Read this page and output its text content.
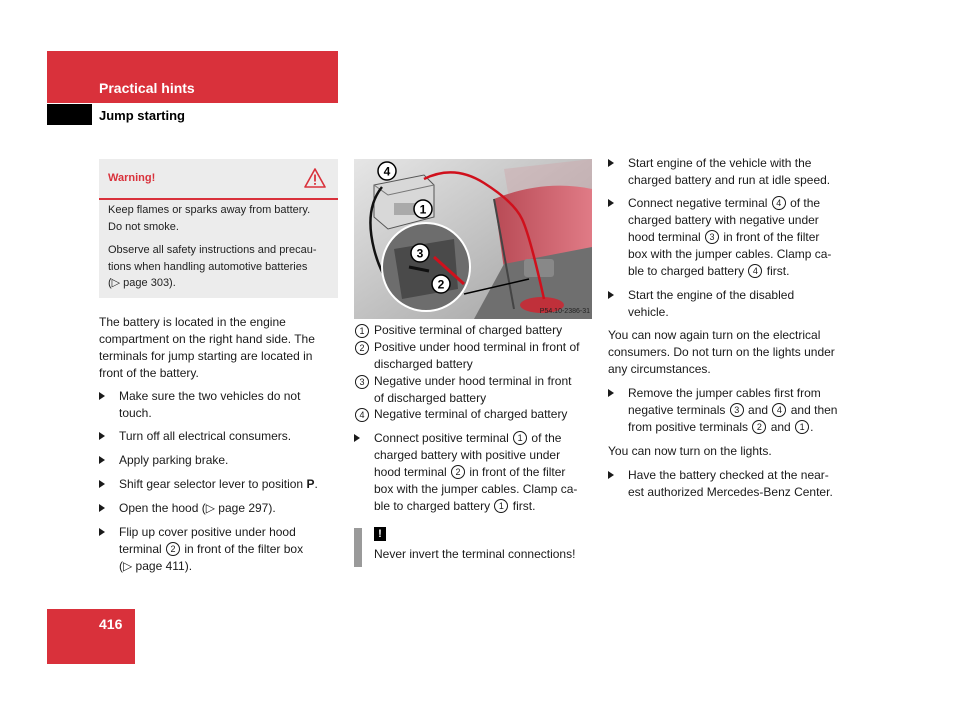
Practical hints
Jump starting
Warning!
Keep flames or sparks away from battery.
Do not smoke.
Observe all safety instructions and precau-
tions when handling automotive batteries
(▷ page 303).
The battery is located in the engine
compartment on the right hand side. The
terminals for jump starting are located in
front of the battery.
Make sure the two vehicles do not
touch.
Turn off all electrical consumers.
Apply parking brake.
Shift gear selector lever to position P.
Open the hood (▷ page 297).
Flip up cover positive under hood
terminal 2 in front of the filter box
(▷ page 411).
4
1
3
2
P54.10-2386-31
1 Positive terminal of charged battery
2 Positive under hood terminal in front of
discharged battery
3 Negative under hood terminal in front
of discharged battery
4 Negative terminal of charged battery
Connect positive terminal 1 of the
charged battery with positive under
hood terminal 2 in front of the filter
box with the jumper cables. Clamp ca-
ble to charged battery 1 first.
!
Never invert the terminal connections!
Start engine of the vehicle with the
charged battery and run at idle speed.
Connect negative terminal 4 of the
charged battery with negative under
hood terminal 3 in front of the filter
box with the jumper cables. Clamp ca-
ble to charged battery 4 first.
Start the engine of the disabled
vehicle.
You can now again turn on the electrical
consumers. Do not turn on the lights under
any circumstances.
Remove the jumper cables first from
negative terminals 3 and 4 and then
from positive terminals 2 and 1 .
You can now turn on the lights.
Have the battery checked at the near-
est authorized Mercedes-Benz Center.
416
